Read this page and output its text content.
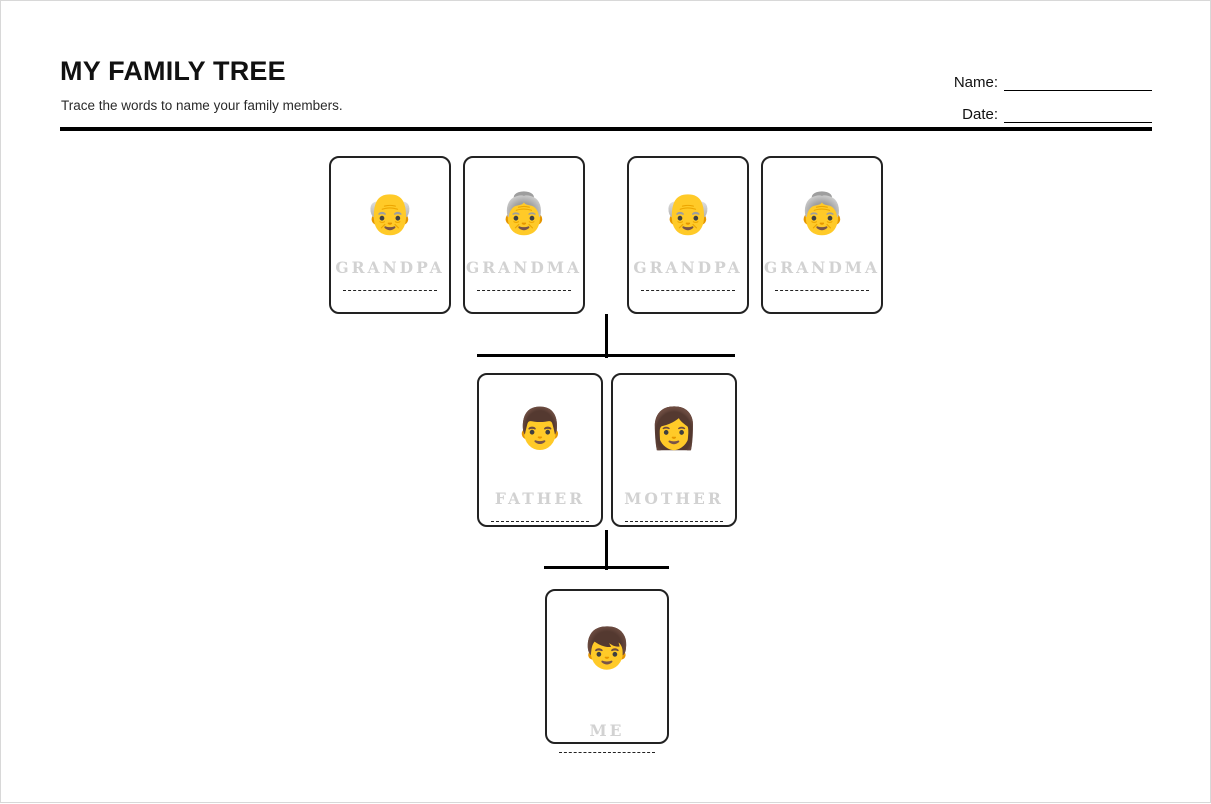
MY FAMILY TREE
Trace the words to name your family members.
Name:
Date:
👴
GRANDPA
👵
GRANDMA
👴
GRANDPA
👵
GRANDMA
👨
FATHER
👩
MOTHER
👦
ME
